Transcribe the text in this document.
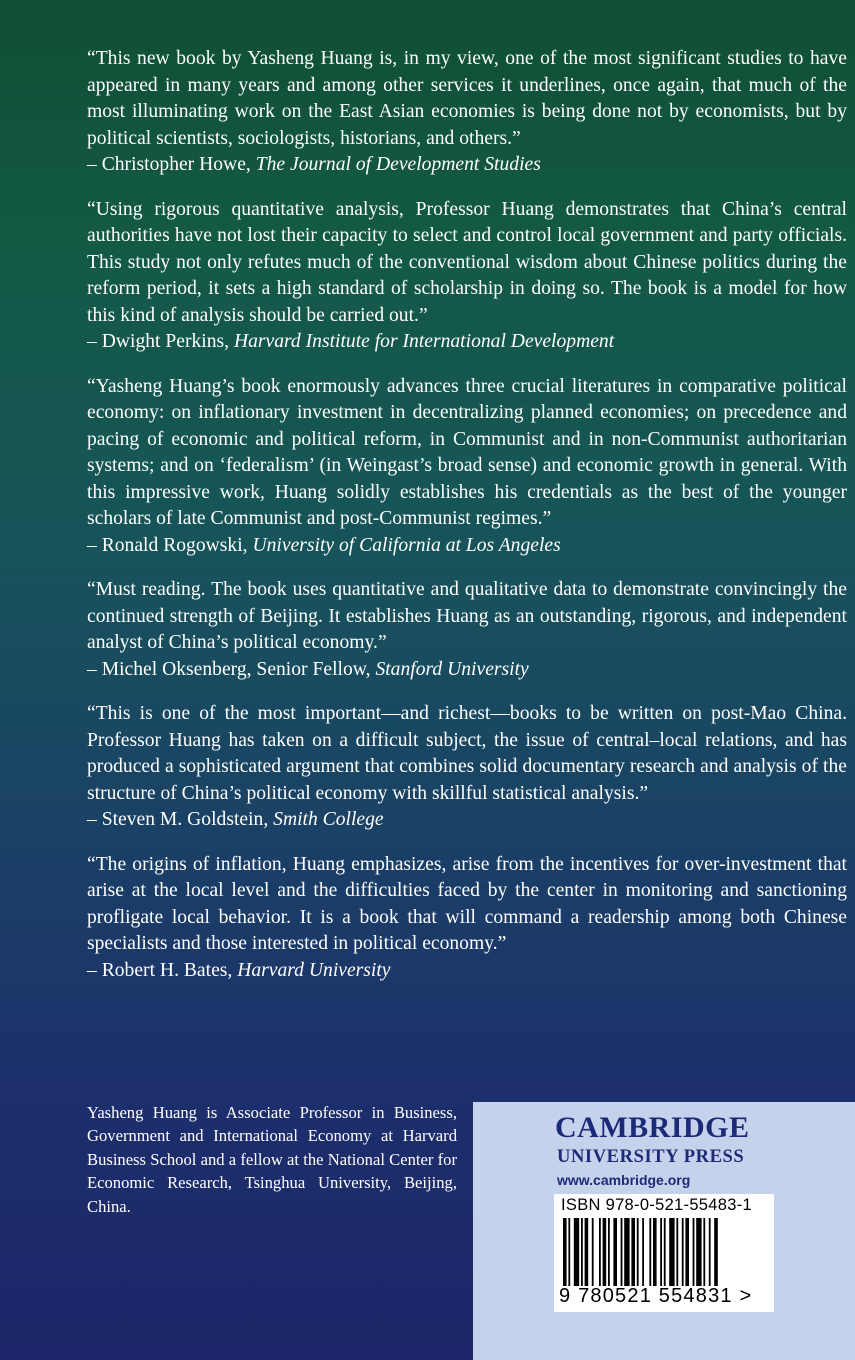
“This new book by Yasheng Huang is, in my view, one of the most significant studies to have appeared in many years and among other services it underlines, once again, that much of the most illuminating work on the East Asian economies is being done not by economists, but by political scientists, sociologists, historians, and others.”

– Christopher Howe, The Journal of Development Studies

“Using rigorous quantitative analysis, Professor Huang demonstrates that China’s central authorities have not lost their capacity to select and control local government and party officials. This study not only refutes much of the conventional wisdom about Chinese politics during the reform period, it sets a high standard of scholarship in doing so. The book is a model for how this kind of analysis should be carried out.”

– Dwight Perkins, Harvard Institute for International Development

“Yasheng Huang’s book enormously advances three crucial literatures in comparative political economy: on inflationary investment in decentralizing planned economies; on precedence and pacing of economic and political reform, in Communist and in non-Communist authoritarian systems; and on ‘federalism’ (in Weingast’s broad sense) and economic growth in general. With this impressive work, Huang solidly establishes his credentials as the best of the younger scholars of late Communist and post-Communist regimes.”

– Ronald Rogowski, University of California at Los Angeles

“Must reading. The book uses quantitative and qualitative data to demonstrate convincingly the continued strength of Beijing. It establishes Huang as an outstanding, rigorous, and independent analyst of China’s political economy.”

– Michel Oksenberg, Senior Fellow, Stanford University

“This is one of the most important—and richest—books to be written on post-Mao China. Professor Huang has taken on a difficult subject, the issue of central–local relations, and has produced a sophisticated argument that combines solid documentary research and analysis of the structure of China’s political economy with skillful statistical analysis.”

– Steven M. Goldstein, Smith College

“The origins of inflation, Huang emphasizes, arise from the incentives for over-investment that arise at the local level and the difficulties faced by the center in monitoring and sanctioning profligate local behavior. It is a book that will command a readership among both Chinese specialists and those interested in political economy.”

– Robert H. Bates, Harvard University

Yasheng Huang is Associate Professor in Business, Government and International Economy at Harvard Business School and a fellow at the National Center for Economic Research, Tsinghua University, Beijing, China.

CAMBRIDGE
UNIVERSITY PRESS
www.cambridge.org
ISBN 978-0-521-55483-1
9 780521 554831 >
